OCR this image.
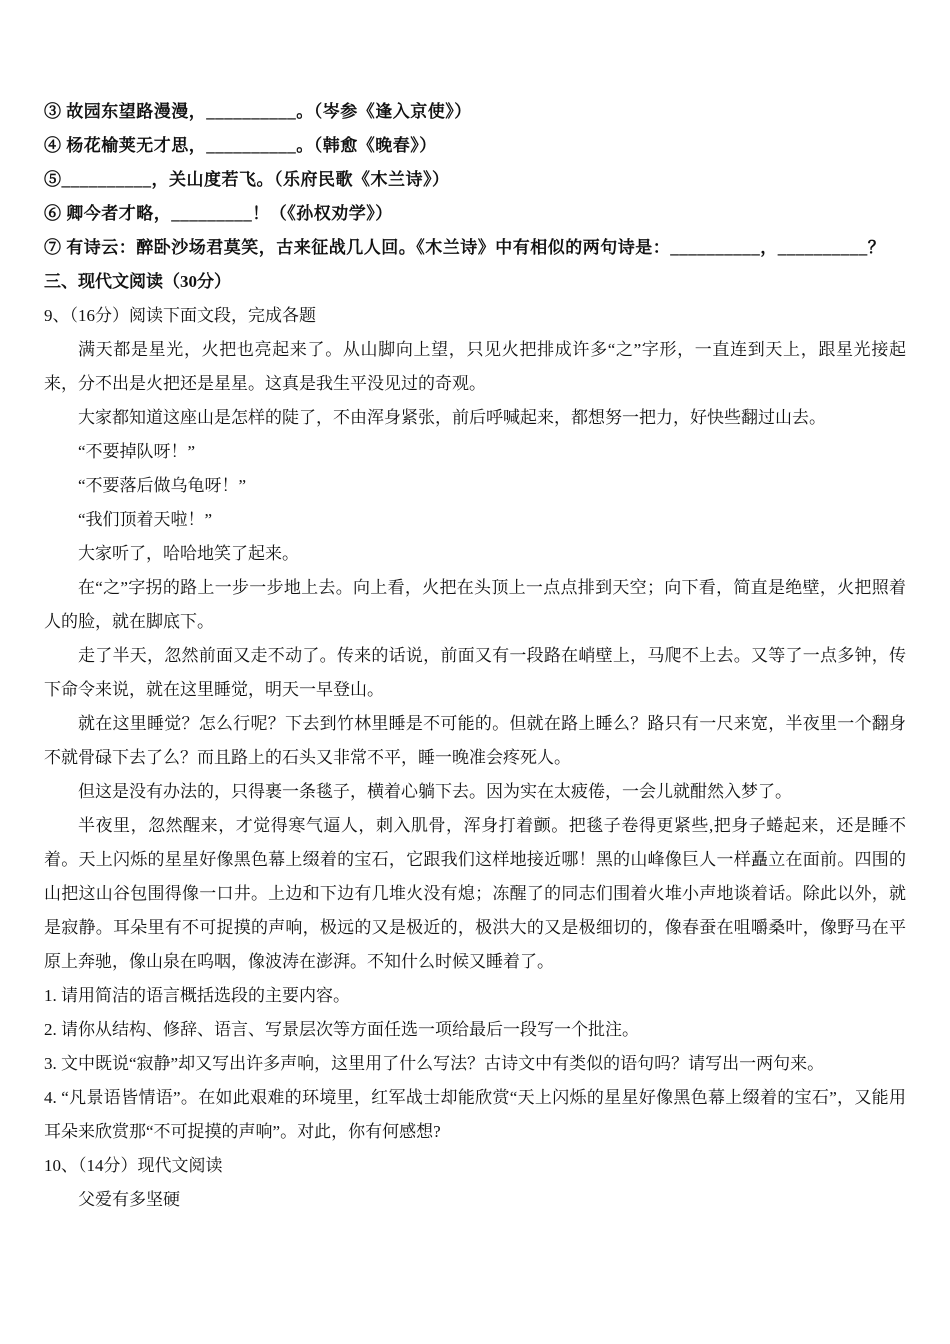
③ 故园东望路漫漫，__________。（岑参《逢入京使》）

④ 杨花榆荚无才思，__________。（韩愈《晚春》）

⑤__________，关山度若飞。（乐府民歌《木兰诗》）

⑥ 卿今者才略，_________！（《孙权劝学》）

⑦ 有诗云：醉卧沙场君莫笑，古来征战几人回。《木兰诗》中有相似的两句诗是：__________，__________？

三、现代文阅读（30分）

9、（16分）阅读下面文段，完成各题

满天都是星光，火把也亮起来了。从山脚向上望，只见火把排成许多“之”字形，一直连到天上，跟星光接起来，分不出是火把还是星星。这真是我生平没见过的奇观。

大家都知道这座山是怎样的陡了，不由浑身紧张，前后呼喊起来，都想努一把力，好快些翻过山去。

“不要掉队呀！”

“不要落后做乌龟呀！”

“我们顶着天啦！”

大家听了，哈哈地笑了起来。

在“之”字拐的路上一步一步地上去。向上看，火把在头顶上一点点排到天空；向下看，简直是绝壁，火把照着人的脸，就在脚底下。

走了半天，忽然前面又走不动了。传来的话说，前面又有一段路在峭壁上，马爬不上去。又等了一点多钟，传下命令来说，就在这里睡觉，明天一早登山。

就在这里睡觉？怎么行呢？下去到竹林里睡是不可能的。但就在路上睡么？路只有一尺来宽，半夜里一个翻身不就骨碌下去了么？而且路上的石头又非常不平，睡一晚准会疼死人。

但这是没有办法的，只得裹一条毯子，横着心躺下去。因为实在太疲倦，一会儿就酣然入梦了。

半夜里，忽然醒来，才觉得寒气逼人，刺入肌骨，浑身打着颤。把毯子卷得更紧些,把身子蜷起来，还是睡不着。天上闪烁的星星好像黑色幕上缀着的宝石，它跟我们这样地接近哪！黑的山峰像巨人一样矗立在面前。四围的山把这山谷包围得像一口井。上边和下边有几堆火没有熄；冻醒了的同志们围着火堆小声地谈着话。除此以外，就是寂静。耳朵里有不可捉摸的声响，极远的又是极近的，极洪大的又是极细切的，像春蚕在咀嚼桑叶，像野马在平原上奔驰，像山泉在呜咽，像波涛在澎湃。不知什么时候又睡着了。

1. 请用简洁的语言概括选段的主要内容。

2. 请你从结构、修辞、语言、写景层次等方面任选一项给最后一段写一个批注。

3. 文中既说“寂静”却又写出许多声响，这里用了什么写法？古诗文中有类似的语句吗？请写出一两句来。

4. “凡景语皆情语”。在如此艰难的环境里，红军战士却能欣赏“天上闪烁的星星好像黑色幕上缀着的宝石”，又能用耳朵来欣赏那“不可捉摸的声响”。对此，你有何感想?

10、（14分）现代文阅读

父爱有多坚硬
